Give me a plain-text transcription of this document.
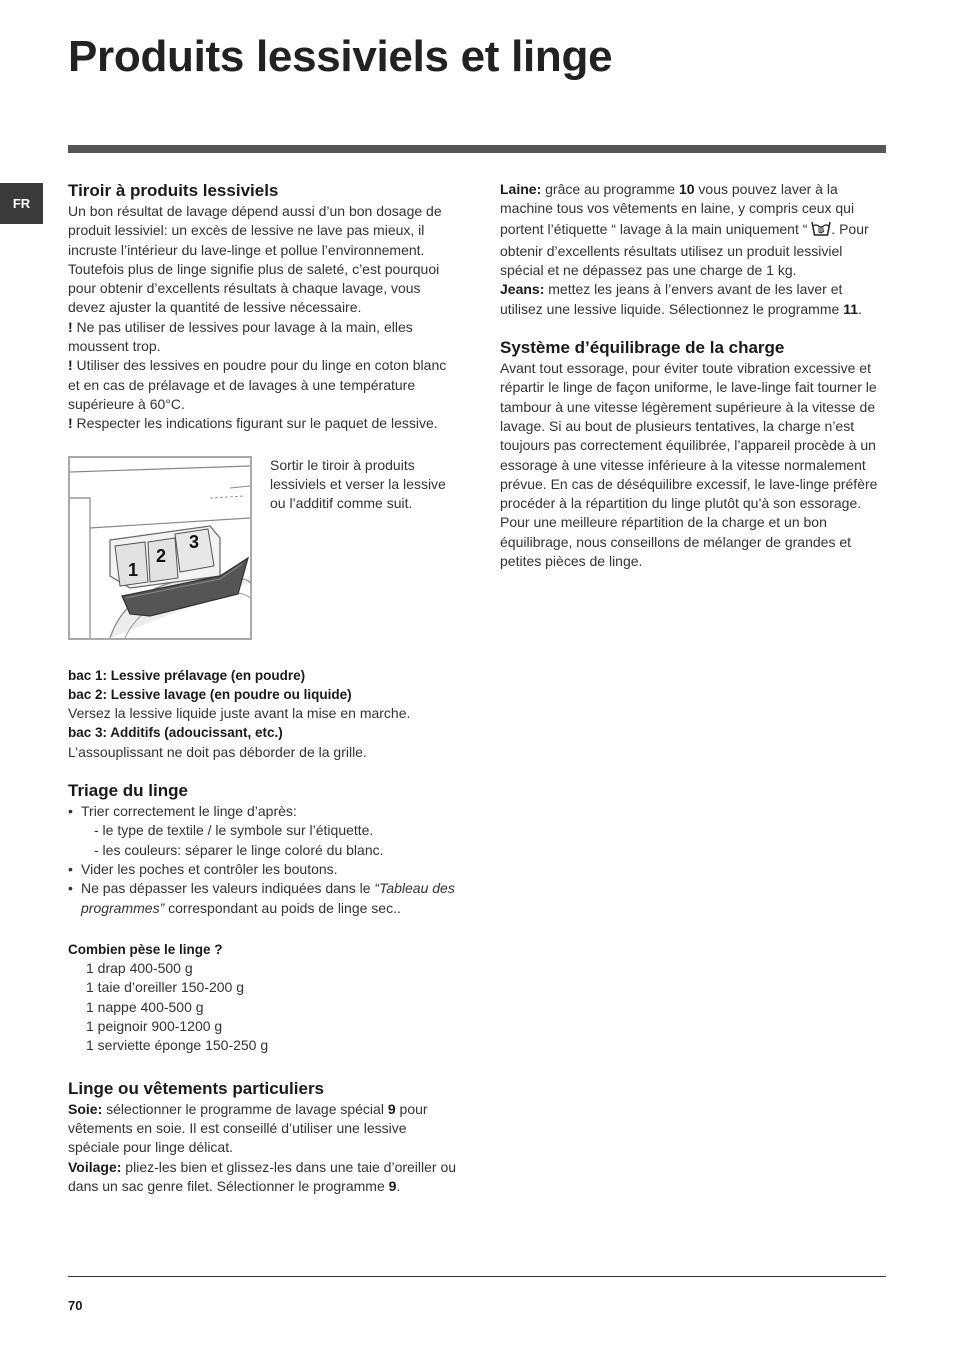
Produits lessiviels et linge
FR
Tiroir à produits lessiviels

Un bon résultat de lavage dépend aussi d’un bon dosage de produit lessiviel: un excès de lessive ne lave pas mieux, il incruste l’intérieur du lave-linge et pollue l’environnement. Toutefois plus de linge signifie plus de saleté, c’est pourquoi pour obtenir d’excellents résultats à chaque lavage, vous devez ajuster la quantité de lessive nécessaire.

! Ne pas utiliser de lessives pour lavage à la main, elles moussent trop.

! Utiliser des lessives en poudre pour du linge en coton blanc et en cas de prélavage et de lavages à une température supérieure à 60°C.

! Respecter les indications figurant sur le paquet de lessive.

1
2
3

Sortir le tiroir à produits lessiviels et verser la lessive ou l’additif comme suit.

bac 1: Lessive prélavage (en poudre)

bac 2: Lessive lavage (en poudre ou liquide)

Versez la lessive liquide juste avant la mise en marche.

bac 3: Additifs (adoucissant, etc.)

L’assouplissant ne doit pas déborder de la grille.

Triage du linge
• Trier correctement le linge d’après:
- le type de textile / le symbole sur l’étiquette.
- les couleurs: séparer le linge coloré du blanc.
• Vider les poches et contrôler les boutons.
• Ne pas dépasser les valeurs indiquées dans le “Tableau des programmes” correspondant au poids de linge sec..

Combien pèse le linge ?

1 drap 400-500 g

1 taie d’oreiller 150-200 g

1 nappe 400-500 g

1 peignoir 900-1200 g

1 serviette éponge 150-250 g

Linge ou vêtements particuliers

Soie: sélectionner le programme de lavage spécial 9 pour vêtements en soie. Il est conseillé d’utiliser une lessive spéciale pour linge délicat.

Voilage: pliez-les bien et glissez-les dans une taie d’oreiller ou dans un sac genre filet. Sélectionner le programme 9.

Laine: grâce au programme 10 vous pouvez laver à la machine tous vos vêtements en laine, y compris ceux qui portent l’étiquette “ lavage à la main uniquement “ . Pour obtenir d’excellents résultats utilisez un produit lessiviel spécial et ne dépassez pas une charge de 1 kg.

Jeans: mettez les jeans à l’envers avant de les laver et utilisez une lessive liquide. Sélectionnez le programme 11.

Système d’équilibrage de la charge

Avant tout essorage, pour éviter toute vibration excessive et répartir le linge de façon uniforme, le lave-linge fait tourner le tambour à une vitesse légèrement supérieure à la vitesse de lavage. Si au bout de plusieurs tentatives, la charge n’est toujours pas correctement équilibrée, l’appareil procède à un essorage à une vitesse inférieure à la vitesse normalement prévue. En cas de déséquilibre excessif, le lave-linge préfère procéder à la répartition du linge plutôt qu’à son essorage. Pour une meilleure répartition de la charge et un bon équilibrage, nous conseillons de mélanger de grandes et petites pièces de linge.

70
